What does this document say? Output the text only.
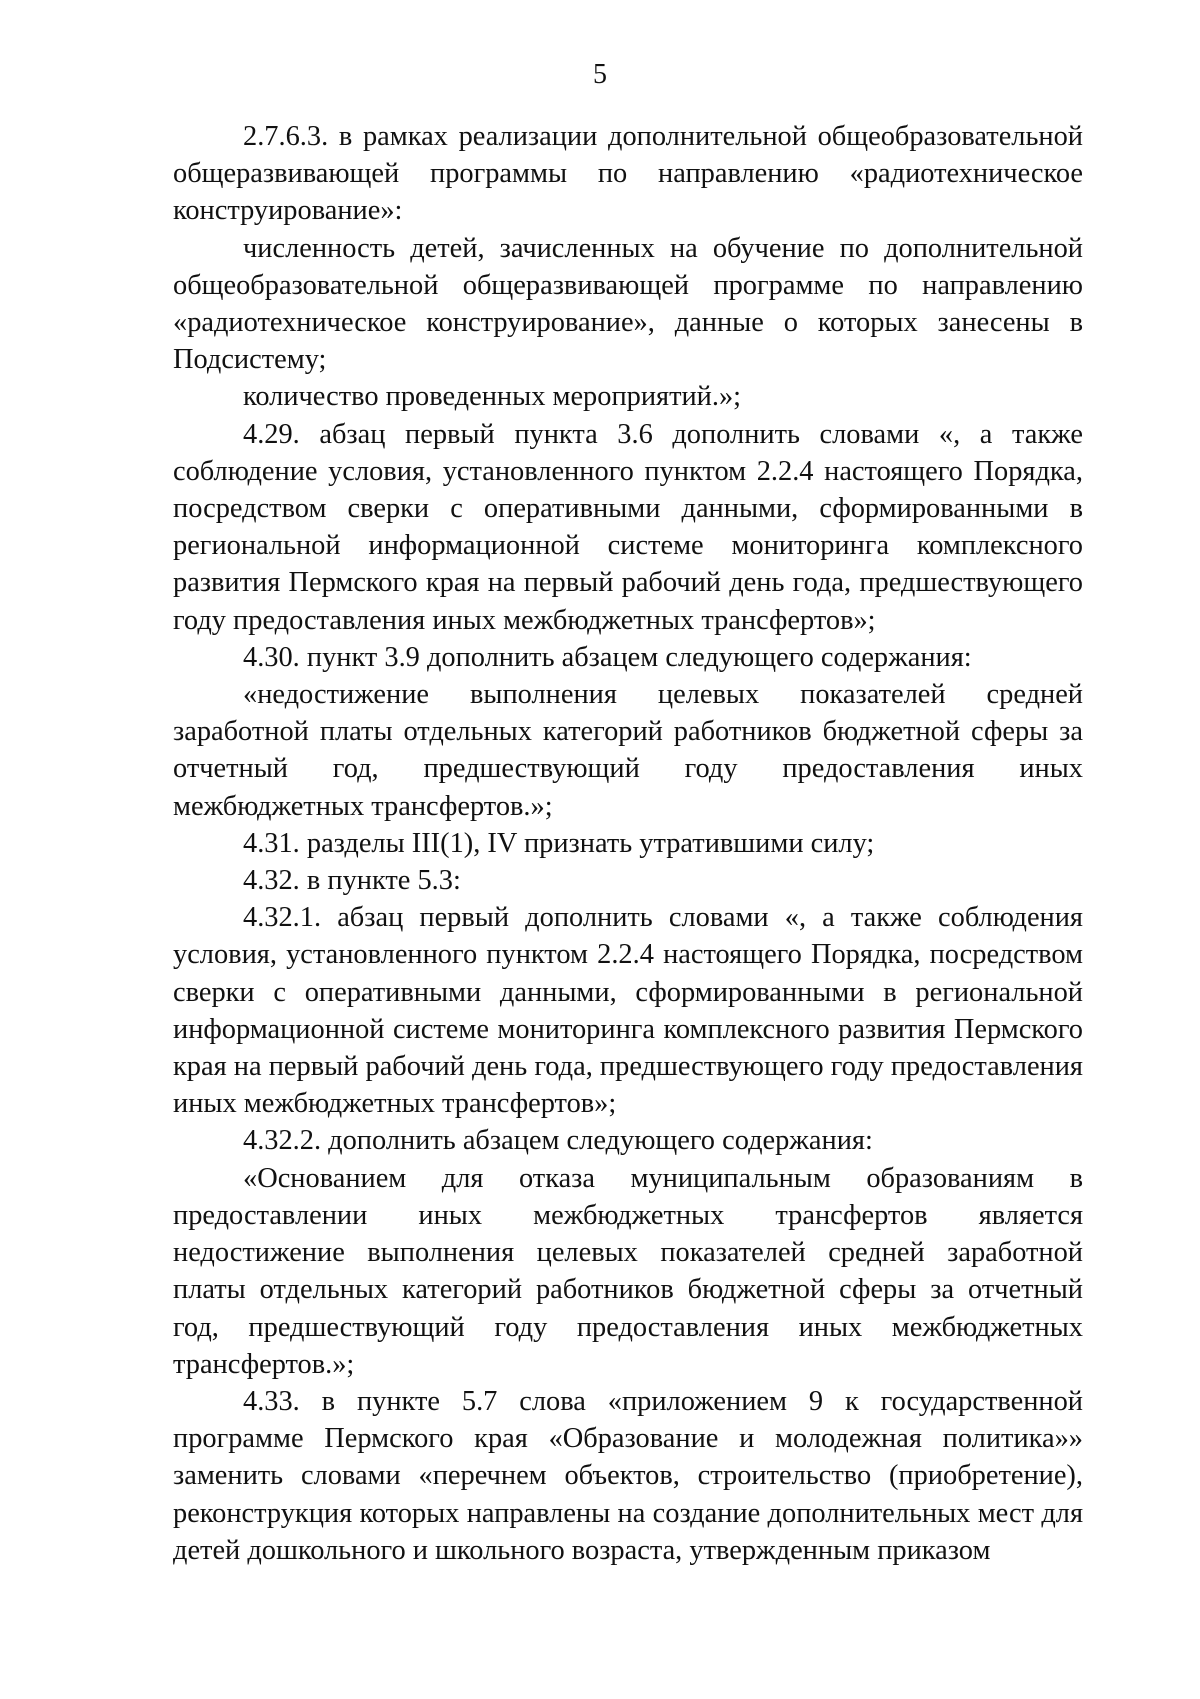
5

2.7.6.3. в рамках реализации дополнительной общеобразовательной общеразвивающей программы по направлению «радиотехническое конструирование»:

численность детей, зачисленных на обучение по дополнительной общеобразовательной общеразвивающей программе по направлению «радиотехническое конструирование», данные о которых занесены в Подсистему;

количество проведенных мероприятий.»;

4.29. абзац первый пункта 3.6 дополнить словами «, а также соблюдение условия, установленного пунктом 2.2.4 настоящего Порядка, посредством сверки с оперативными данными, сформированными в региональной информационной системе мониторинга комплексного развития Пермского края на первый рабочий день года, предшествующего году предоставления иных межбюджетных трансфертов»;

4.30. пункт 3.9 дополнить абзацем следующего содержания:

«недостижение выполнения целевых показателей средней заработной платы отдельных категорий работников бюджетной сферы за отчетный год, предшествующий году предоставления иных межбюджетных трансфертов.»;

4.31. разделы III(1), IV признать утратившими силу;

4.32. в пункте 5.3:

4.32.1. абзац первый дополнить словами «, а также соблюдения условия, установленного пунктом 2.2.4 настоящего Порядка, посредством сверки с оперативными данными, сформированными в региональной информационной системе мониторинга комплексного развития Пермского края на первый рабочий день года, предшествующего году предоставления иных межбюджетных трансфертов»;

4.32.2. дополнить абзацем следующего содержания:

«Основанием для отказа муниципальным образованиям в предоставлении иных межбюджетных трансфертов является недостижение выполнения целевых показателей средней заработной платы отдельных категорий работников бюджетной сферы за отчетный год, предшествующий году предоставления иных межбюджетных трансфертов.»;

4.33. в пункте 5.7 слова «приложением 9 к государственной программе Пермского края «Образование и молодежная политика»» заменить словами «перечнем объектов, строительство (приобретение), реконструкция которых направлены на создание дополнительных мест для детей дошкольного и школьного возраста, утвержденным приказом
